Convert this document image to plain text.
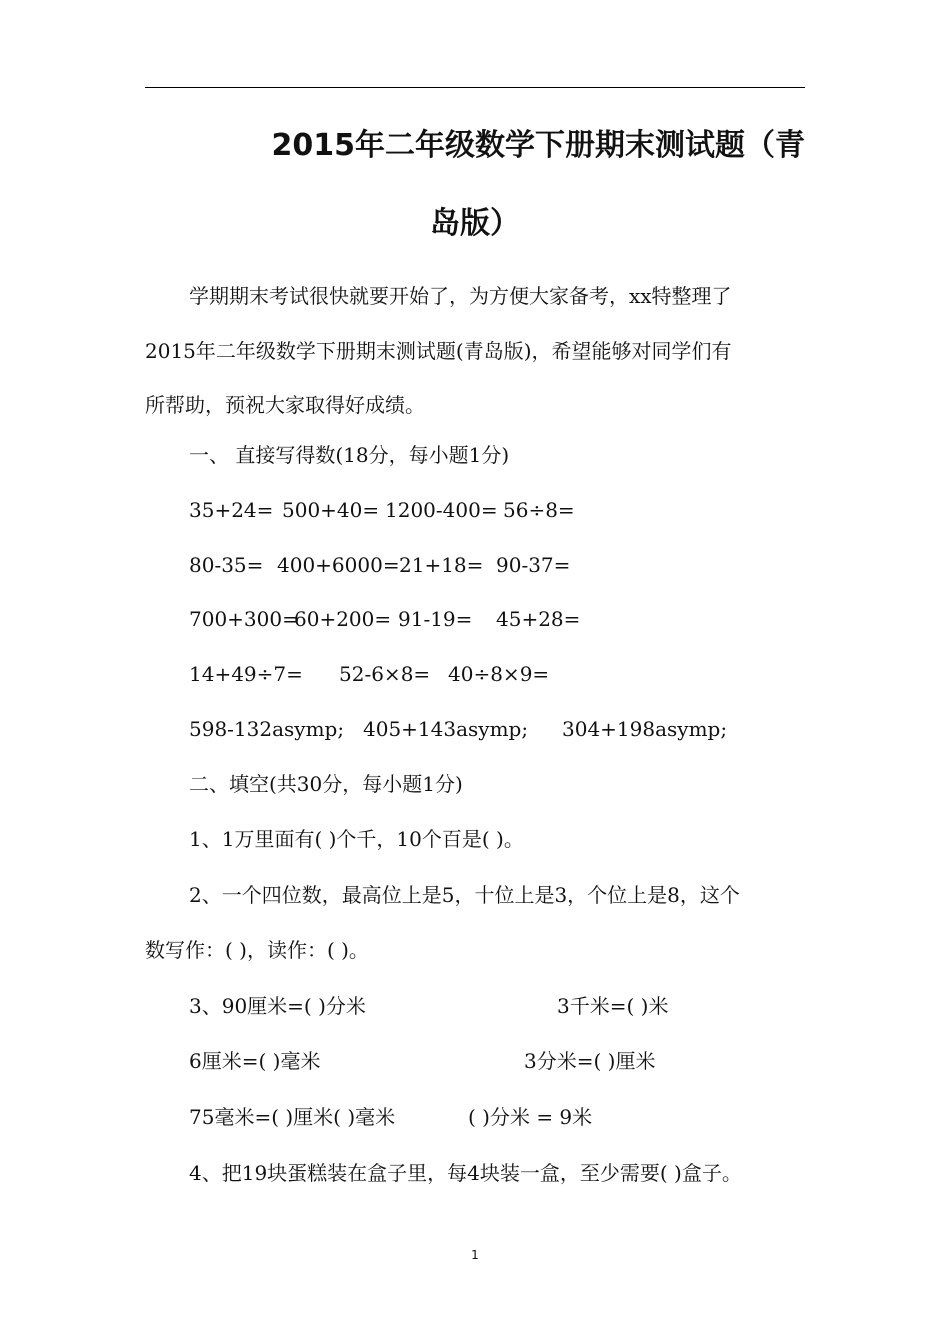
2015年二年级数学下册期末测试题（青
岛版）
学期期末考试很快就要开始了，为方便大家备考，xx特整理了
2015年二年级数学下册期末测试题(青岛版)，希望能够对同学们有
所帮助，预祝大家取得好成绩。
一、 直接写得数(18分，每小题1分)
35+24= 500+40= 1200-400= 56÷8=
80-35= 400+6000= 21+18= 90-37=
700+300=
60+200= 91-19= 45+28=
14+49÷7= 52-6×8= 40÷8×9=
598-132asymp; 405+143asymp; 304+198asymp;
二、填空(共30分，每小题1分)
1、1万里面有( )个千，10个百是( )。
2、一个四位数，最高位上是5，十位上是3，个位上是8，这个
数写作：( )，读作：( )。
3、90厘米=( )分米	3千米=( )米
6厘米=( )毫米	3分米=( )厘米
75毫米=( )厘米( )毫米	( )分米 = 9米
4、把19块蛋糕装在盒子里，每4块装一盒，至少需要( )盒子。
1
